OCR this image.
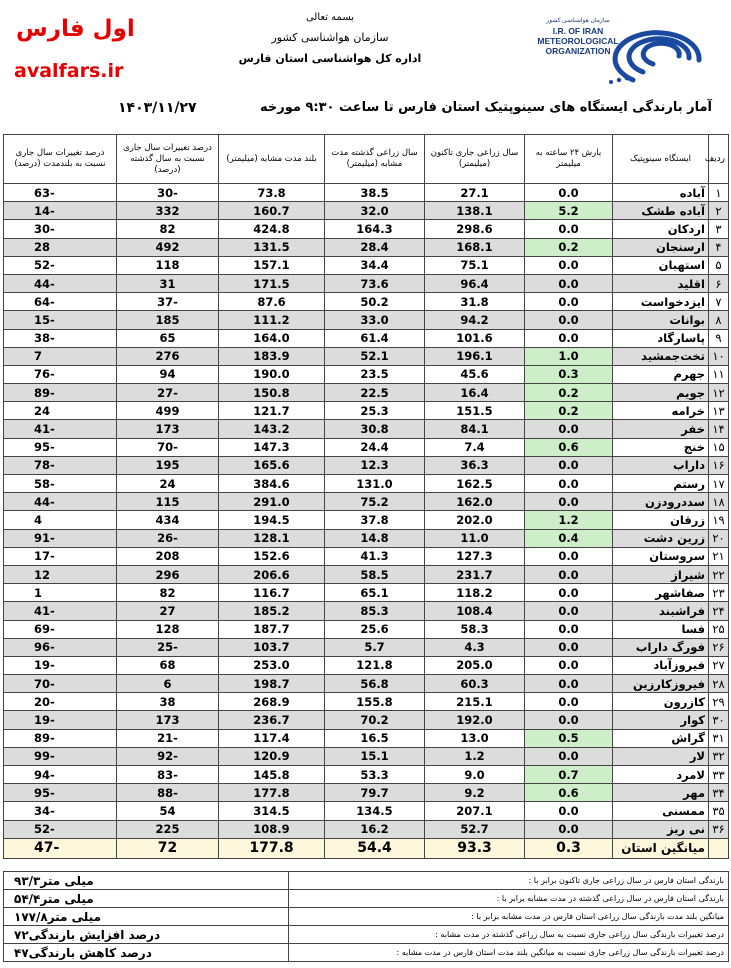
اول فارس
avalfars.ir
بسمه تعالی
سازمان هواشناسی کشور
اداره کل هواشناسی استان فارس
سازمان هواشناسی کشور
I.R. OF IRAN
METEOROLOGICAL
ORGANIZATION
آمار بارندگی ایستگاه های سینوپتیک استان فارس تا ساعت ۹:۳۰ مورخه
۱۴۰۳/۱۱/۲۷
ردیف	ایستگاه سینوپتیک	بارش ۲۴ ساعته به میلیمتر	سال زراعی جاری تاکنون (میلیمتر)	سال زراعی گذشته مدت مشابه (میلیمتر)	بلند مدت مشابه (میلیمتر)	درصد تغییرات سال جاری نسبت به سال گذشته (درصد)	درصد تغییرات سال جاری نسبت به بلندمدت (درصد)
۱	آباده	0.0	27.1	38.5	73.8	-30	-63
۲	آباده طشک	5.2	138.1	32.0	160.7	332	-14
۳	اردکان	0.0	298.6	164.3	424.8	82	-30
۴	ارسنجان	0.2	168.1	28.4	131.5	492	28
۵	استهبان	0.0	75.1	34.4	157.1	118	-52
۶	اقلید	0.0	96.4	73.6	171.5	31	-44
۷	ایزدخواست	0.0	31.8	50.2	87.6	-37	-64
۸	بوانات	0.0	94.2	33.0	111.2	185	-15
۹	پاسارگاد	0.0	101.6	61.4	164.0	65	-38
۱۰	تخت‌جمشید	1.0	196.1	52.1	183.9	276	7
۱۱	جهرم	0.3	45.6	23.5	190.0	94	-76
۱۲	جویم	0.2	16.4	22.5	150.8	-27	-89
۱۳	خرامه	0.2	151.5	25.3	121.7	499	24
۱۴	خفر	0.0	84.1	30.8	143.2	173	-41
۱۵	خنج	0.6	7.4	24.4	147.3	-70	-95
۱۶	داراب	0.0	36.3	12.3	165.6	195	-78
۱۷	رستم	0.0	162.5	131.0	384.6	24	-58
۱۸	سددرودزن	0.0	162.0	75.2	291.0	115	-44
۱۹	زرقان	1.2	202.0	37.8	194.5	434	4
۲۰	زرین دشت	0.4	11.0	14.8	128.1	-26	-91
۲۱	سروستان	0.0	127.3	41.3	152.6	208	-17
۲۲	شیراز	0.0	231.7	58.5	206.6	296	12
۲۳	صفاشهر	0.0	118.2	65.1	116.7	82	1
۲۴	فراشبند	0.0	108.4	85.3	185.2	27	-41
۲۵	فسا	0.0	58.3	25.6	187.7	128	-69
۲۶	فورگ داراب	0.0	4.3	5.7	103.7	-25	-96
۲۷	فیروزآباد	0.0	205.0	121.8	253.0	68	-19
۲۸	فیروزکارزین	0.0	60.3	56.8	198.7	6	-70
۲۹	کازرون	0.0	215.1	155.8	268.9	38	-20
۳۰	کوار	0.0	192.0	70.2	236.7	173	-19
۳۱	گراش	0.5	13.0	16.5	117.4	-21	-89
۳۲	لار	0.0	1.2	15.1	120.9	-92	-99
۳۳	لامرد	0.7	9.0	53.3	145.8	-83	-94
۳۴	مهر	0.6	9.2	79.7	177.8	-88	-95
۳۵	ممسنی	0.0	207.1	134.5	314.5	54	-34
۳۶	نی ریز	0.0	52.7	16.2	108.9	225	-52
	میانگین استان	0.3	93.3	54.4	177.8	72	-47
بارندگی استان فارس در سال زراعی جاری تاکنون برابر با :	میلی متر۹۳/۳
بارندگی استان فارس در سال زراعی گذشته در مدت مشابه برابر با :	میلی متر۵۴/۴
میانگین بلند مدت بارندگی سال زراعی استان فارس در مدت مشابه برابر با :	میلی متر۱۷۷/۸
درصد تغییرات بارندگی سال زراعی جاری نسبت به سال زراعی گذشته در مدت مشابه :	درصد افزایش بارندگی۷۲
درصد تغییرات بارندگی سال زراعی جاری نسبت به میانگین بلند مدت استان فارس در مدت مشابه :	درصد کاهش بارندگی۴۷
